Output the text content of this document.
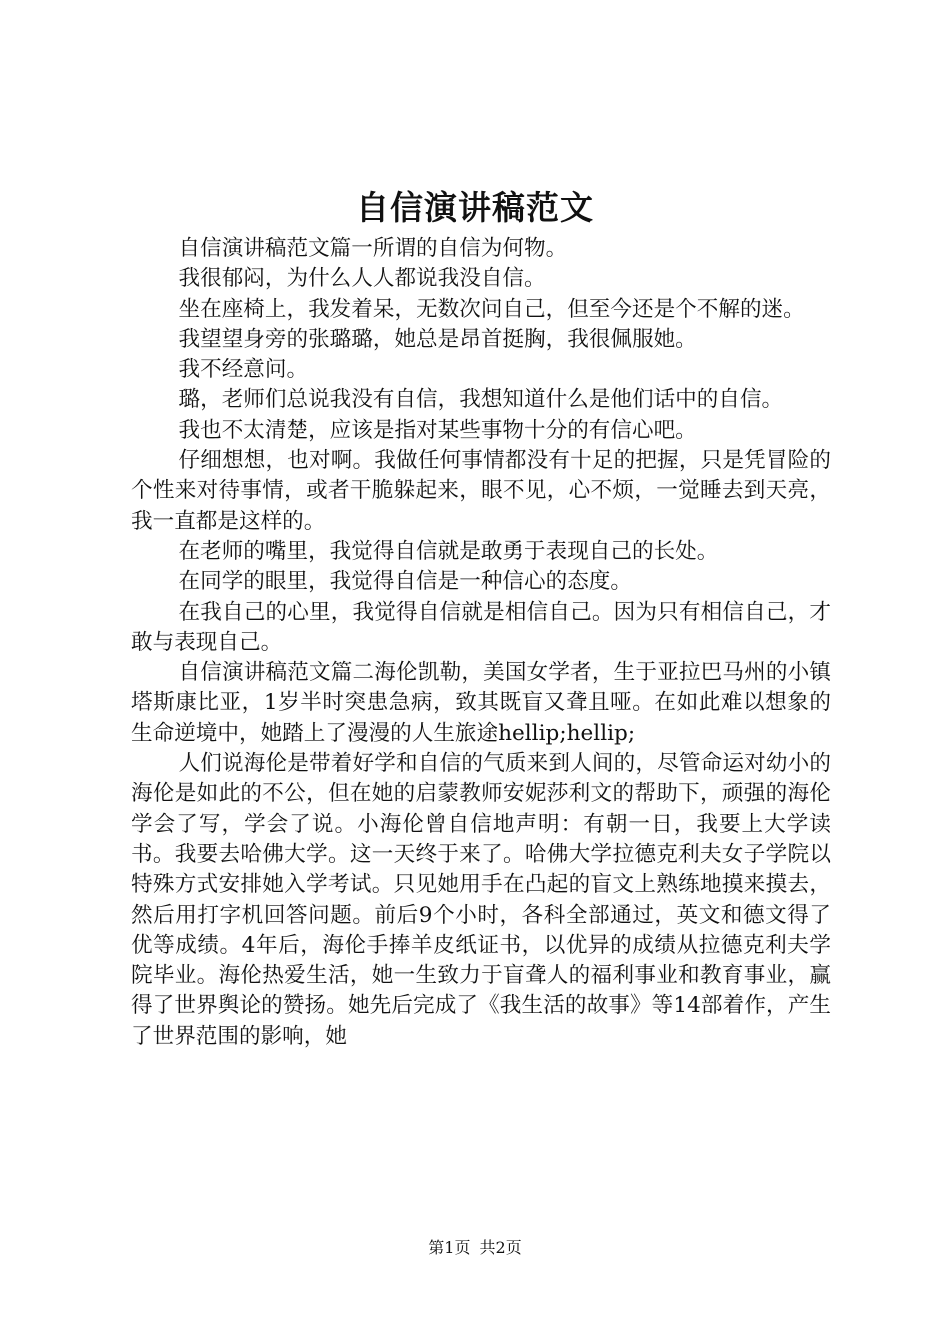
自信演讲稿范文

自信演讲稿范文篇一所谓的自信为何物。

我很郁闷，为什么人人都说我没自信。

坐在座椅上，我发着呆，无数次问自己，但至今还是个不解的迷。

我望望身旁的张璐璐，她总是昂首挺胸，我很佩服她。

我不经意问。

璐，老师们总说我没有自信，我想知道什么是他们话中的自信。

我也不太清楚，应该是指对某些事物十分的有信心吧。

仔细想想，也对啊。我做任何事情都没有十足的把握，只是凭冒险的个性来对待事情，或者干脆躲起来，眼不见，心不烦，一觉睡去到天亮，我一直都是这样的。

在老师的嘴里，我觉得自信就是敢勇于表现自己的长处。

在同学的眼里，我觉得自信是一种信心的态度。

在我自己的心里，我觉得自信就是相信自己。因为只有相信自己，才敢与表现自己。

自信演讲稿范文篇二海伦凯勒，美国女学者，生于亚拉巴马州的小镇塔斯康比亚，1岁半时突患急病，致其既盲又聋且哑。在如此难以想象的生命逆境中，她踏上了漫漫的人生旅途hellip;hellip;

人们说海伦是带着好学和自信的气质来到人间的，尽管命运对幼小的海伦是如此的不公，但在她的启蒙教师安妮莎利文的帮助下，顽强的海伦学会了写，学会了说。小海伦曾自信地声明：有朝一日，我要上大学读书。我要去哈佛大学。这一天终于来了。哈佛大学拉德克利夫女子学院以特殊方式安排她入学考试。只见她用手在凸起的盲文上熟练地摸来摸去，然后用打字机回答问题。前后9个小时，各科全部通过，英文和德文得了优等成绩。4年后，海伦手捧羊皮纸证书，以优异的成绩从拉德克利夫学院毕业。海伦热爱生活，她一生致力于盲聋人的福利事业和教育事业，赢得了世界舆论的赞扬。她先后完成了《我生活的故事》等14部着作，产生了世界范围的影响，她

第1页 共2页
